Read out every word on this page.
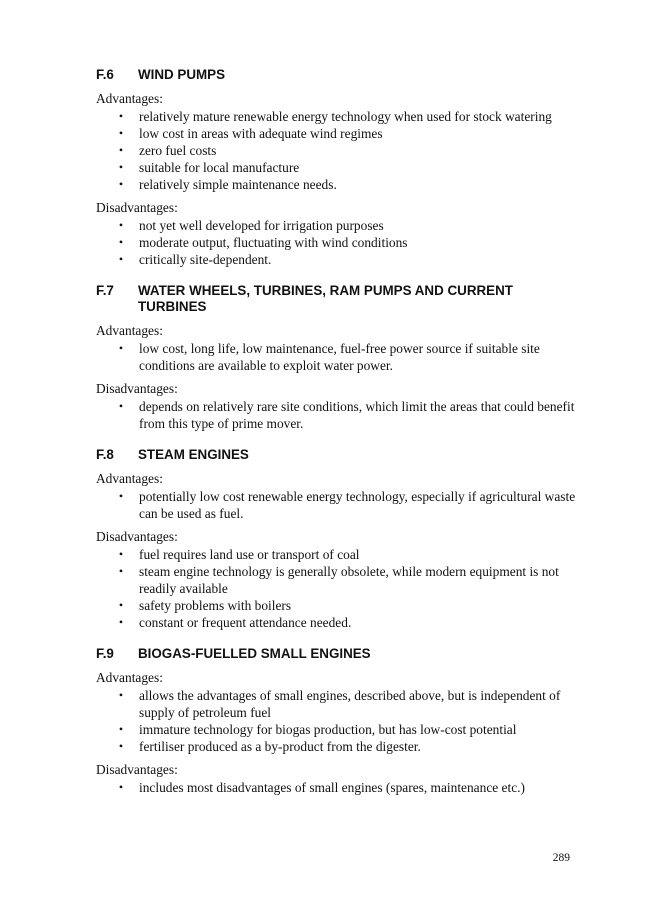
F.6	WIND PUMPS

Advantages:

• relatively mature renewable energy technology when used for stock watering
• low cost in areas with adequate wind regimes
• zero fuel costs
• suitable for local manufacture
• relatively simple maintenance needs.

Disadvantages:

• not yet well developed for irrigation purposes
• moderate output, fluctuating with wind conditions
• critically site-dependent.
F.7	WATER WHEELS, TURBINES, RAM PUMPS AND CURRENT TURBINES

Advantages:

• low cost, long life, low maintenance, fuel-free power source if suitable site conditions are available to exploit water power.

Disadvantages:

• depends on relatively rare site conditions, which limit the areas that could benefit from this type of prime mover.
F.8	STEAM ENGINES

Advantages:

• potentially low cost renewable energy technology, especially if agricultural waste can be used as fuel.

Disadvantages:

• fuel requires land use or transport of coal
• steam engine technology is generally obsolete, while modern equipment is not readily available
• safety problems with boilers
• constant or frequent attendance needed.
F.9	BIOGAS-FUELLED SMALL ENGINES

Advantages:

• allows the advantages of small engines, described above, but is independent of supply of petroleum fuel
• immature technology for biogas production, but has low-cost potential
• fertiliser produced as a by-product from the digester.

Disadvantages:

• includes most disadvantages of small engines (spares, maintenance etc.)
289
